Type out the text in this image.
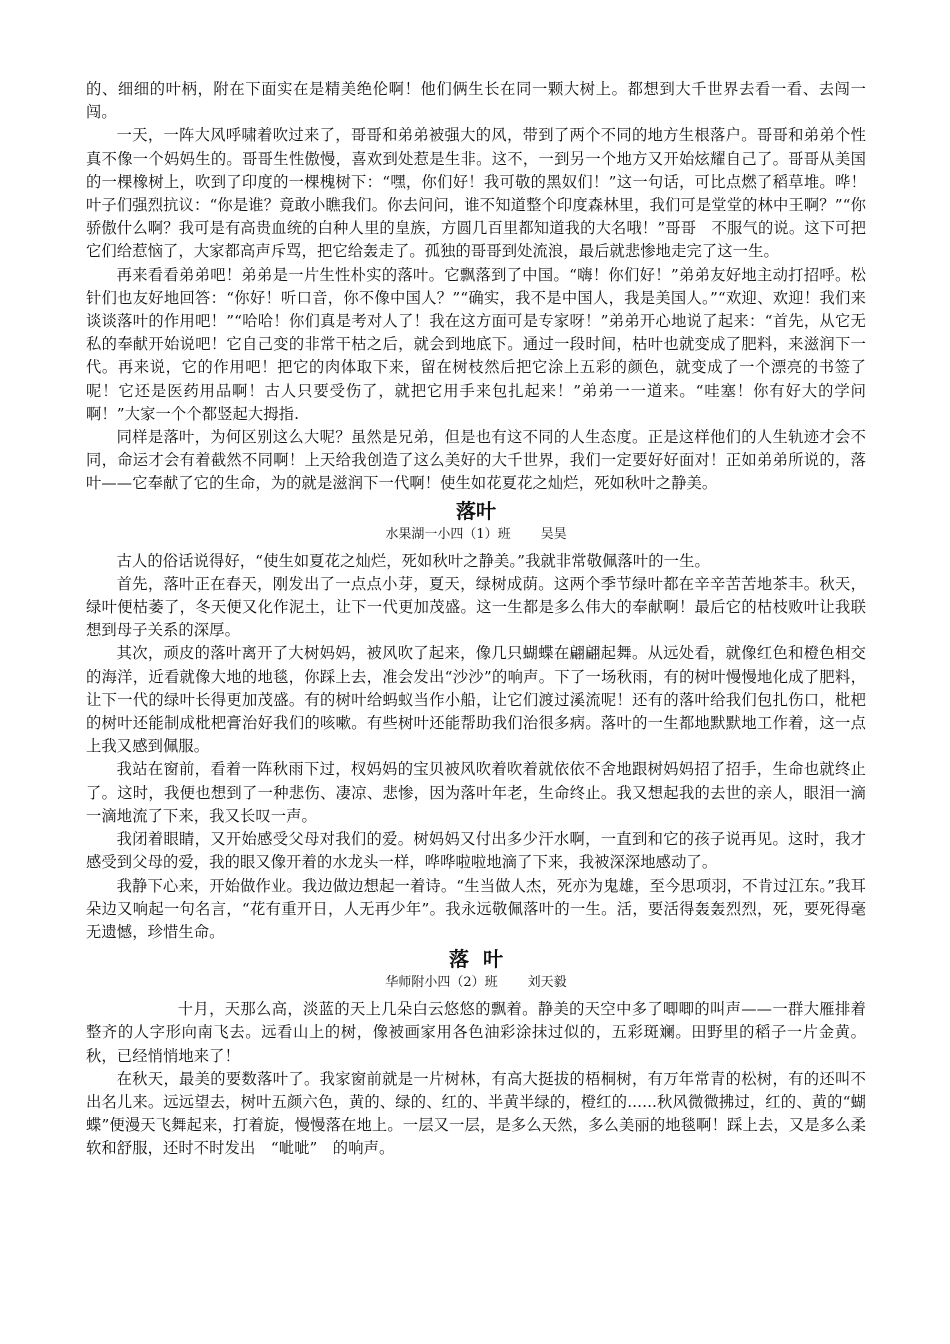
的、细细的叶柄，附在下面实在是精美绝伦啊！他们俩生长在同一颗大树上。都想到大千世界去看一看、去闯一闯。

一天，一阵大风呼啸着吹过来了，哥哥和弟弟被强大的风，带到了两个不同的地方生根落户。哥哥和弟弟个性真不像一个妈妈生的。哥哥生性傲慢，喜欢到处惹是生非。这不，一到另一个地方又开始炫耀自己了。哥哥从美国的一棵橡树上，吹到了印度的一棵槐树下：“嘿，你们好！我可敬的黑奴们！”这一句话，可比点燃了稻草堆。哗！叶子们强烈抗议：“你是谁？竟敢小瞧我们。你去问问，谁不知道整个印度森林里，我们可是堂堂的林中王啊？”“你骄傲什么啊？我可是有高贵血统的白种人里的皇族，方圆几百里都知道我的大名哦！”哥哥　不服气的说。这下可把它们给惹恼了，大家都高声斥骂，把它给轰走了。孤独的哥哥到处流浪，最后就悲惨地走完了这一生。

再来看看弟弟吧！弟弟是一片生性朴实的落叶。它飘落到了中国。“嗨！你们好！”弟弟友好地主动打招呼。松针们也友好地回答：“你好！听口音，你不像中国人？”“确实，我不是中国人，我是美国人。”“欢迎、欢迎！我们来谈谈落叶的作用吧！”“哈哈！你们真是考对人了！我在这方面可是专家呀！”弟弟开心地说了起来：“首先，从它无私的奉献开始说吧！它自己变的非常干枯之后，就会到地底下。通过一段时间，枯叶也就变成了肥料，来滋润下一代。再来说，它的作用吧！把它的肉体取下来，留在树枝然后把它涂上五彩的颜色，就变成了一个漂亮的书签了呢！它还是医药用品啊！古人只要受伤了，就把它用手来包扎起来！”弟弟一一道来。“哇塞！你有好大的学问啊！”大家一个个都竖起大拇指.

同样是落叶，为何区别这么大呢？虽然是兄弟，但是也有这不同的人生态度。正是这样他们的人生轨迹才会不同，命运才会有着截然不同啊！上天给我创造了这么美好的大千世界，我们一定要好好面对！正如弟弟所说的，落叶——它奉献了它的生命，为的就是滋润下一代啊！使生如花夏花之灿烂，死如秋叶之静美。

落叶
水果湖一小四（1）班 吴昊

古人的俗话说得好，“使生如夏花之灿烂，死如秋叶之静美。”我就非常敬佩落叶的一生。

首先，落叶正在春天，刚发出了一点点小芽，夏天，绿树成荫。这两个季节绿叶都在辛辛苦苦地茶丰。秋天，绿叶便枯萎了，冬天便又化作泥土，让下一代更加茂盛。这一生都是多么伟大的奉献啊！最后它的枯枝败叶让我联想到母子关系的深厚。

其次，顽皮的落叶离开了大树妈妈，被风吹了起来，像几只蝴蝶在翩翩起舞。从远处看，就像红色和橙色相交的海洋，近看就像大地的地毯，你踩上去，准会发出“沙沙”的响声。下了一场秋雨，有的树叶慢慢地化成了肥料，让下一代的绿叶长得更加茂盛。有的树叶给蚂蚁当作小船，让它们渡过溪流呢！还有的落叶给我们包扎伤口，枇杷的树叶还能制成枇杷膏治好我们的咳嗽。有些树叶还能帮助我们治很多病。落叶的一生都地默默地工作着，这一点上我又感到佩服。

我站在窗前，看着一阵秋雨下过，杈妈妈的宝贝被风吹着吹着就依依不舍地跟树妈妈招了招手，生命也就终止了。这时，我便也想到了一种悲伤、凄凉、悲惨，因为落叶年老，生命终止。我又想起我的去世的亲人，眼泪一滴一滴地流了下来，我又长叹一声。

我闭着眼睛，又开始感受父母对我们的爱。树妈妈又付出多少汗水啊，一直到和它的孩子说再见。这时，我才感受到父母的爱，我的眼又像开着的水龙头一样，哗哗啦啦地滴了下来，我被深深地感动了。

我静下心来，开始做作业。我边做边想起一着诗。“生当做人杰，死亦为鬼雄，至今思项羽，不肯过江东。”我耳朵边又响起一句名言，“花有重开日，人无再少年”。我永远敬佩落叶的一生。活，要活得轰轰烈烈，死，要死得毫无遗憾，珍惜生命。

落叶
华师附小四（2）班 刘天毅

十月，天那么高，淡蓝的天上几朵白云悠悠的飘着。静美的天空中多了唧唧的叫声——一群大雁排着整齐的人字形向南飞去。远看山上的树，像被画家用各色油彩涂抹过似的，五彩斑斓。田野里的稻子一片金黄。秋，已经悄悄地来了！

在秋天，最美的要数落叶了。我家窗前就是一片树林，有高大挺拔的梧桐树，有万年常青的松树，有的还叫不出名儿来。远远望去，树叶五颜六色，黄的、绿的、红的、半黄半绿的，橙红的......秋风微微拂过，红的、黄的“蝴蝶”便漫天飞舞起来，打着旋，慢慢落在地上。一层又一层，是多么天然，多么美丽的地毯啊！踩上去，又是多么柔软和舒服，还时不时发出　“呲呲”　的响声。
